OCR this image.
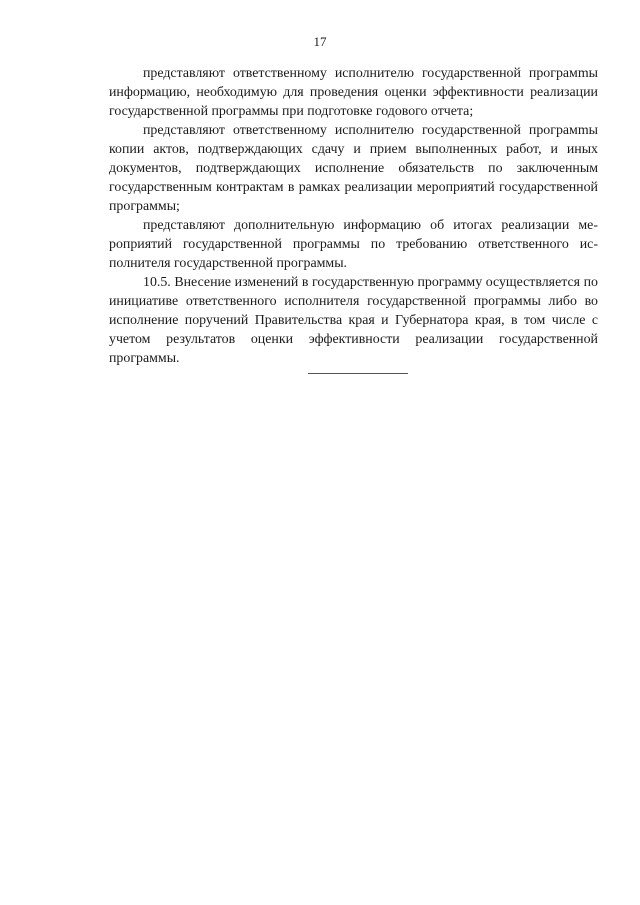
17

представляют ответственному исполнителю государственной програмmы информацию, необходимую для проведения оценки эффективности реализации государственной программы при подготовке годового отчета;

представляют ответственному исполнителю государственной програмmы копии актов, подтверждающих сдачу и прием выполненных работ, и иных документов, подтверждающих исполнение обязательств по заключенным государственным контрактам в рамках реализации мероприятий государственной программы;

представляют дополнительную информацию об итогах реализации мероприятий государственной программы по требованию ответственного исполнителя государственной программы.

10.5. Внесение изменений в государственную программу осуществляется по инициативе ответственного исполнителя государственной программы либо во исполнение поручений Правительства края и Губернатора края, в том числе с учетом результатов оценки эффективности реализации государственной программы.
